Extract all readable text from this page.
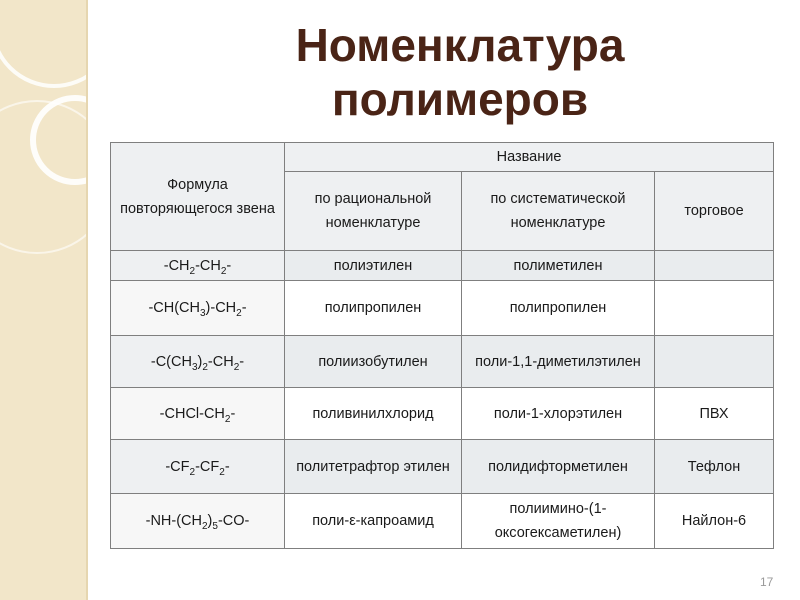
Номенклатура
полимеров
Формула повторяющегося звена	Название		
	по рациональной номенклатуре	по систематической номенклатуре	торговое
$-CH_2-CH_2-$	полиэтилен	полиметилен	
$-CH(CH_3)-CH_2-$	полипропилен	полипропилен	
$-C(CH_3)_2-CH_2-$	полиизобутилен	поли-1,1-диметилэтилен	
$-CHCl-CH_2-$	поливинилхлорид	поли-1-хлорэтилен	ПВХ
$-CF_2-CF_2-$	политетрафтор этилен	полидифторметилен	Тефлон
$-NH-(CH_2)_5-CO-$	поли-ε-капроамид	полиимино-(1-оксогексаметилен)	Найлон-6
17
